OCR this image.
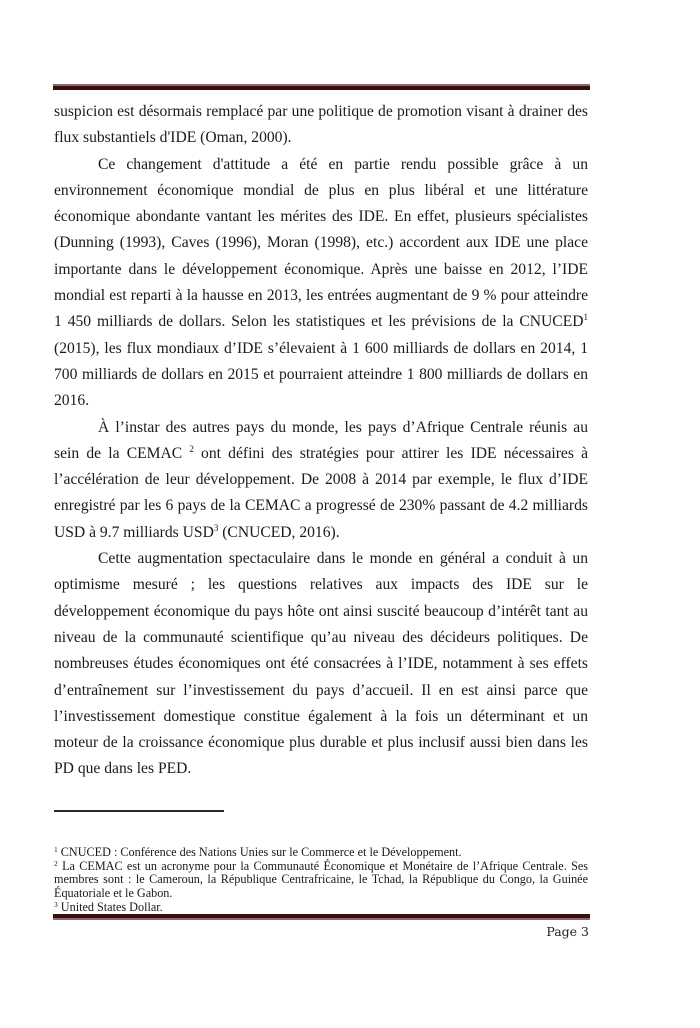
suspicion est désormais remplacé par une politique de promotion visant à drainer des flux substantiels d'IDE (Oman, 2000).

Ce changement d'attitude a été en partie rendu possible grâce à un environnement économique mondial de plus en plus libéral et une littérature économique abondante vantant les mérites des IDE. En effet, plusieurs spécialistes (Dunning (1993), Caves (1996), Moran (1998), etc.) accordent aux IDE une place importante dans le développement économique. Après une baisse en 2012, l’IDE mondial est reparti à la hausse en 2013, les entrées augmentant de 9 % pour atteindre 1 450 milliards de dollars. Selon les statistiques et les prévisions de la CNUCED$^1$ (2015), les flux mondiaux d’IDE s’élevaient à 1 600 milliards de dollars en 2014, 1 700 milliards de dollars en 2015 et pourraient atteindre 1 800 milliards de dollars en 2016.

À l’instar des autres pays du monde, les pays d’Afrique Centrale réunis au sein de la CEMAC $^2$ ont défini des stratégies pour attirer les IDE nécessaires à l’accélération de leur développement. De 2008 à 2014 par exemple, le flux d’IDE enregistré par les 6 pays de la CEMAC a progressé de 230% passant de 4.2 milliards USD à 9.7 milliards USD$^3$ (CNUCED, 2016).

Cette augmentation spectaculaire dans le monde en général a conduit à un optimisme mesuré ; les questions relatives aux impacts des IDE sur le développement économique du pays hôte ont ainsi suscité beaucoup d’intérêt tant au niveau de la communauté scientifique qu’au niveau des décideurs politiques. De nombreuses études économiques ont été consacrées à l’IDE, notamment à ses effets d’entraînement sur l’investissement du pays d’accueil. Il en est ainsi parce que l’investissement domestique constitue également à la fois un déterminant et un moteur de la croissance économique plus durable et plus inclusif aussi bien dans les PD que dans les PED.

$^1$ CNUCED : Conférence des Nations Unies sur le Commerce et le Développement.

$^2$ La CEMAC est un acronyme pour la Communauté Économique et Monétaire de l’Afrique Centrale. Ses membres sont : le Cameroun, la République Centrafricaine, le Tchad, la République du Congo, la Guinée Équatoriale et le Gabon.

$^3$ United States Dollar.

Page 3
